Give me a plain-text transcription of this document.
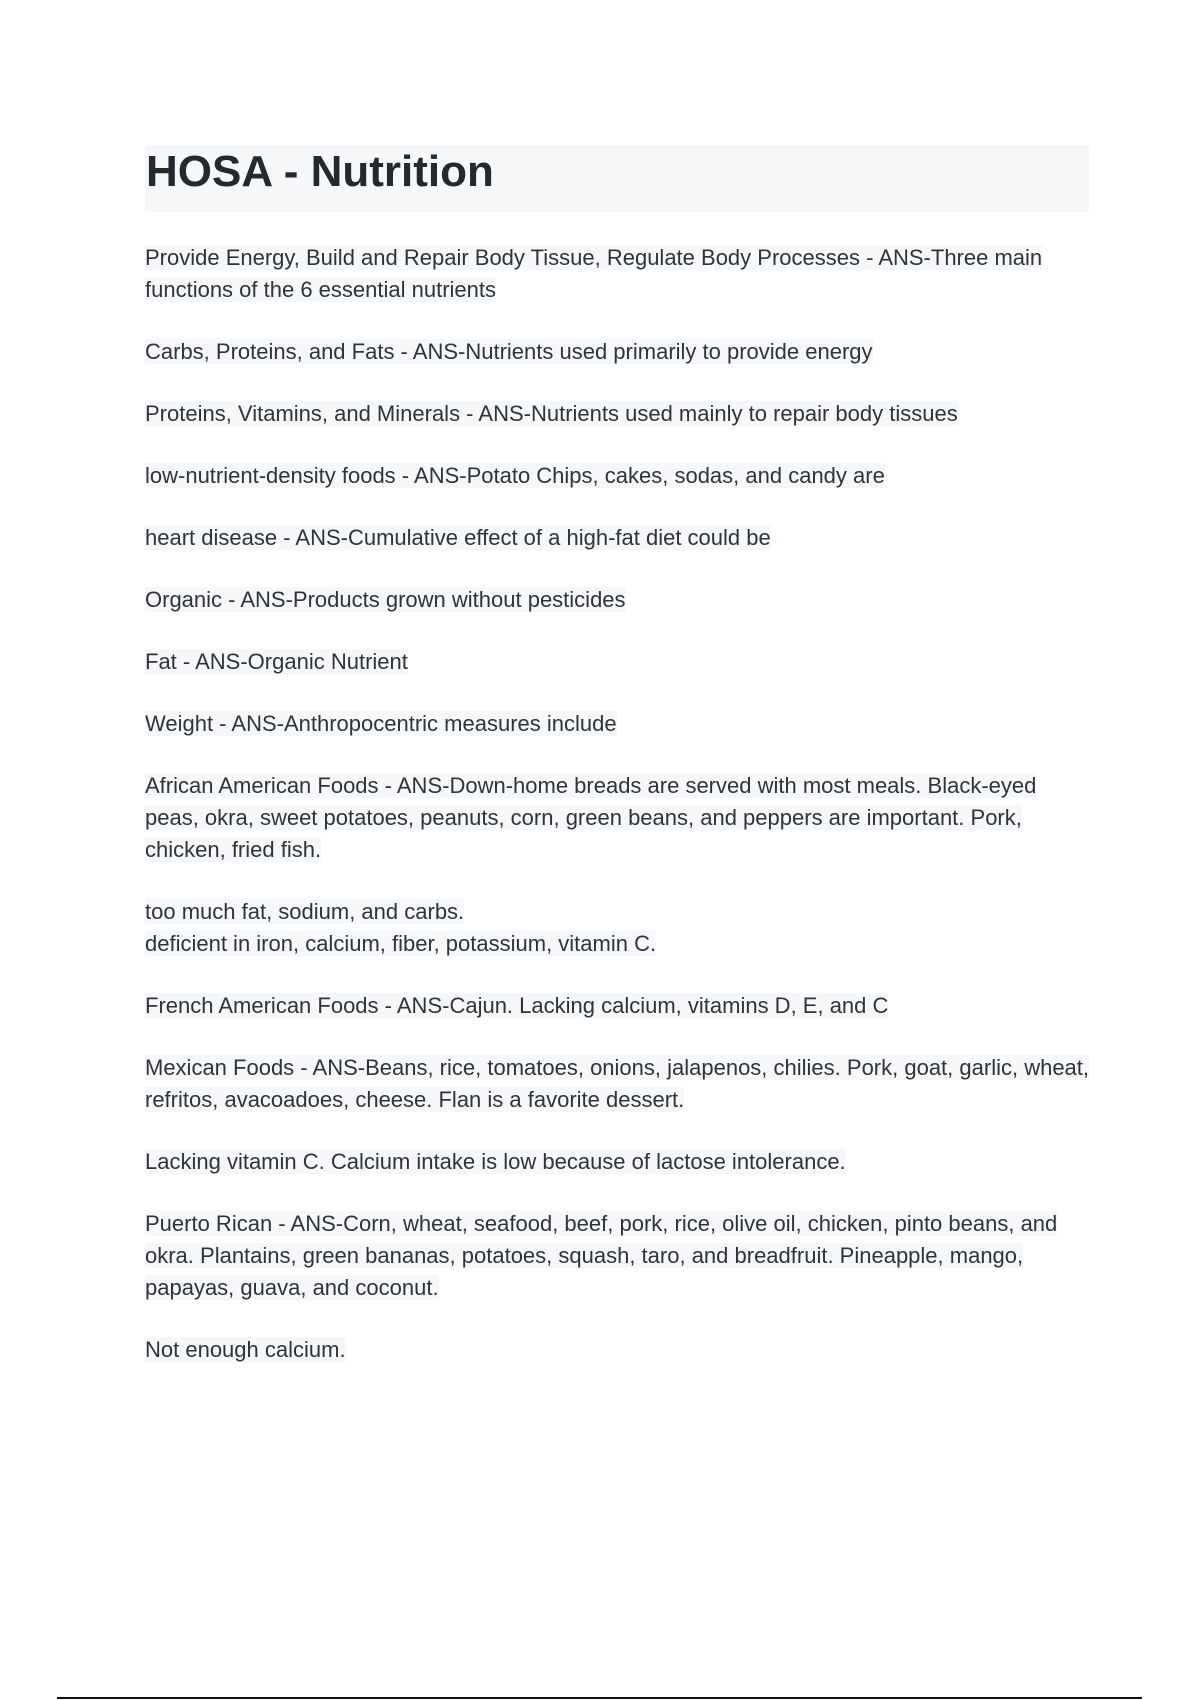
HOSA - Nutrition

Provide Energy, Build and Repair Body Tissue, Regulate Body Processes - ANS-Three main functions of the 6 essential nutrients

Carbs, Proteins, and Fats - ANS-Nutrients used primarily to provide energy

Proteins, Vitamins, and Minerals - ANS-Nutrients used mainly to repair body tissues

low-nutrient-density foods - ANS-Potato Chips, cakes, sodas, and candy are

heart disease - ANS-Cumulative effect of a high-fat diet could be

Organic - ANS-Products grown without pesticides

Fat - ANS-Organic Nutrient

Weight - ANS-Anthropocentric measures include

African American Foods - ANS-Down-home breads are served with most meals. Black-eyed peas, okra, sweet potatoes, peanuts, corn, green beans, and peppers are important. Pork, chicken, fried fish.

too much fat, sodium, and carbs.
deficient in iron, calcium, fiber, potassium, vitamin C.

French American Foods - ANS-Cajun. Lacking calcium, vitamins D, E, and C

Mexican Foods - ANS-Beans, rice, tomatoes, onions, jalapenos, chilies. Pork, goat, garlic, wheat, refritos, avacoadoes, cheese. Flan is a favorite dessert.

Lacking vitamin C. Calcium intake is low because of lactose intolerance.

Puerto Rican - ANS-Corn, wheat, seafood, beef, pork, rice, olive oil, chicken, pinto beans, and okra. Plantains, green bananas, potatoes, squash, taro, and breadfruit. Pineapple, mango, papayas, guava, and coconut.

Not enough calcium.
